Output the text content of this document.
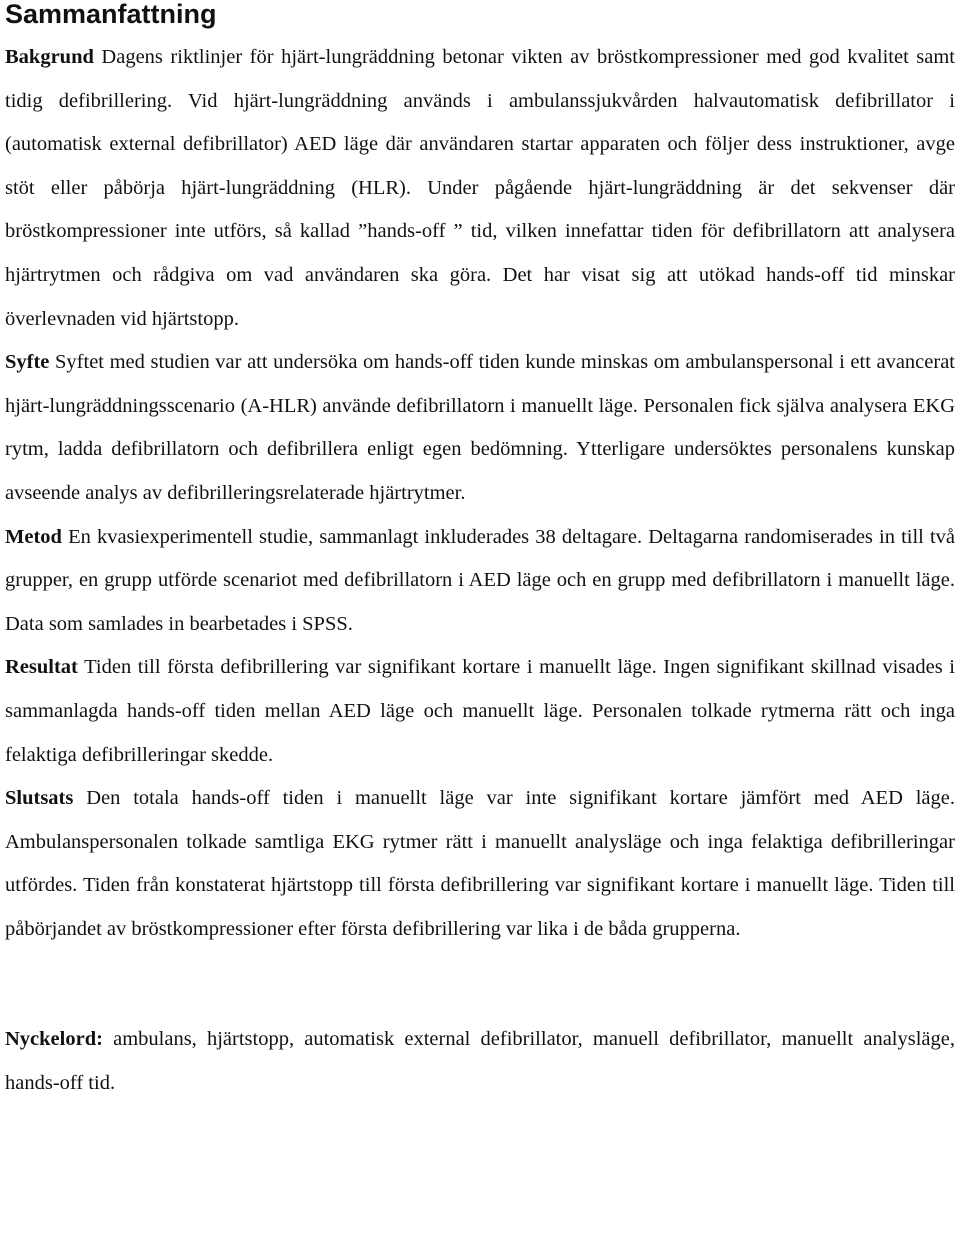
Sammanfattning

Bakgrund Dagens riktlinjer för hjärt-lungräddning betonar vikten av bröstkompressioner med god kvalitet samt tidig defibrillering. Vid hjärt-lungräddning används i ambulanssjukvården halvautomatisk defibrillator i (automatisk external defibrillator) AED läge där användaren startar apparaten och följer dess instruktioner, avge stöt eller påbörja hjärt-lungräddning (HLR). Under pågående hjärt-lungräddning är det sekvenser där bröstkompressioner inte utförs, så kallad ”hands-off ” tid, vilken innefattar tiden för defibrillatorn att analysera hjärtrytmen och rådgiva om vad användaren ska göra. Det har visat sig att utökad hands-off tid minskar överlevnaden vid hjärtstopp.

Syfte Syftet med studien var att undersöka om hands-off tiden kunde minskas om ambulanspersonal i ett avancerat hjärt-lungräddningsscenario (A-HLR) använde defibrillatorn i manuellt läge. Personalen fick själva analysera EKG rytm, ladda defibrillatorn och defibrillera enligt egen bedömning. Ytterligare undersöktes personalens kunskap avseende analys av defibrilleringsrelaterade hjärtrytmer.

Metod En kvasiexperimentell studie, sammanlagt inkluderades 38 deltagare. Deltagarna randomiserades in till två grupper, en grupp utförde scenariot med defibrillatorn i AED läge och en grupp med defibrillatorn i manuellt läge. Data som samlades in bearbetades i SPSS.

Resultat Tiden till första defibrillering var signifikant kortare i manuellt läge. Ingen signifikant skillnad visades i sammanlagda hands-off tiden mellan AED läge och manuellt läge. Personalen tolkade rytmerna rätt och inga felaktiga defibrilleringar skedde.

Slutsats Den totala hands-off tiden i manuellt läge var inte signifikant kortare jämfört med AED läge. Ambulanspersonalen tolkade samtliga EKG rytmer rätt i manuellt analysläge och inga felaktiga defibrilleringar utfördes. Tiden från konstaterat hjärtstopp till första defibrillering var signifikant kortare i manuellt läge. Tiden till påbörjandet av bröstkompressioner efter första defibrillering var lika i de båda grupperna.

Nyckelord: ambulans, hjärtstopp, automatisk external defibrillator, manuell defibrillator, manuellt analysläge, hands-off tid.
